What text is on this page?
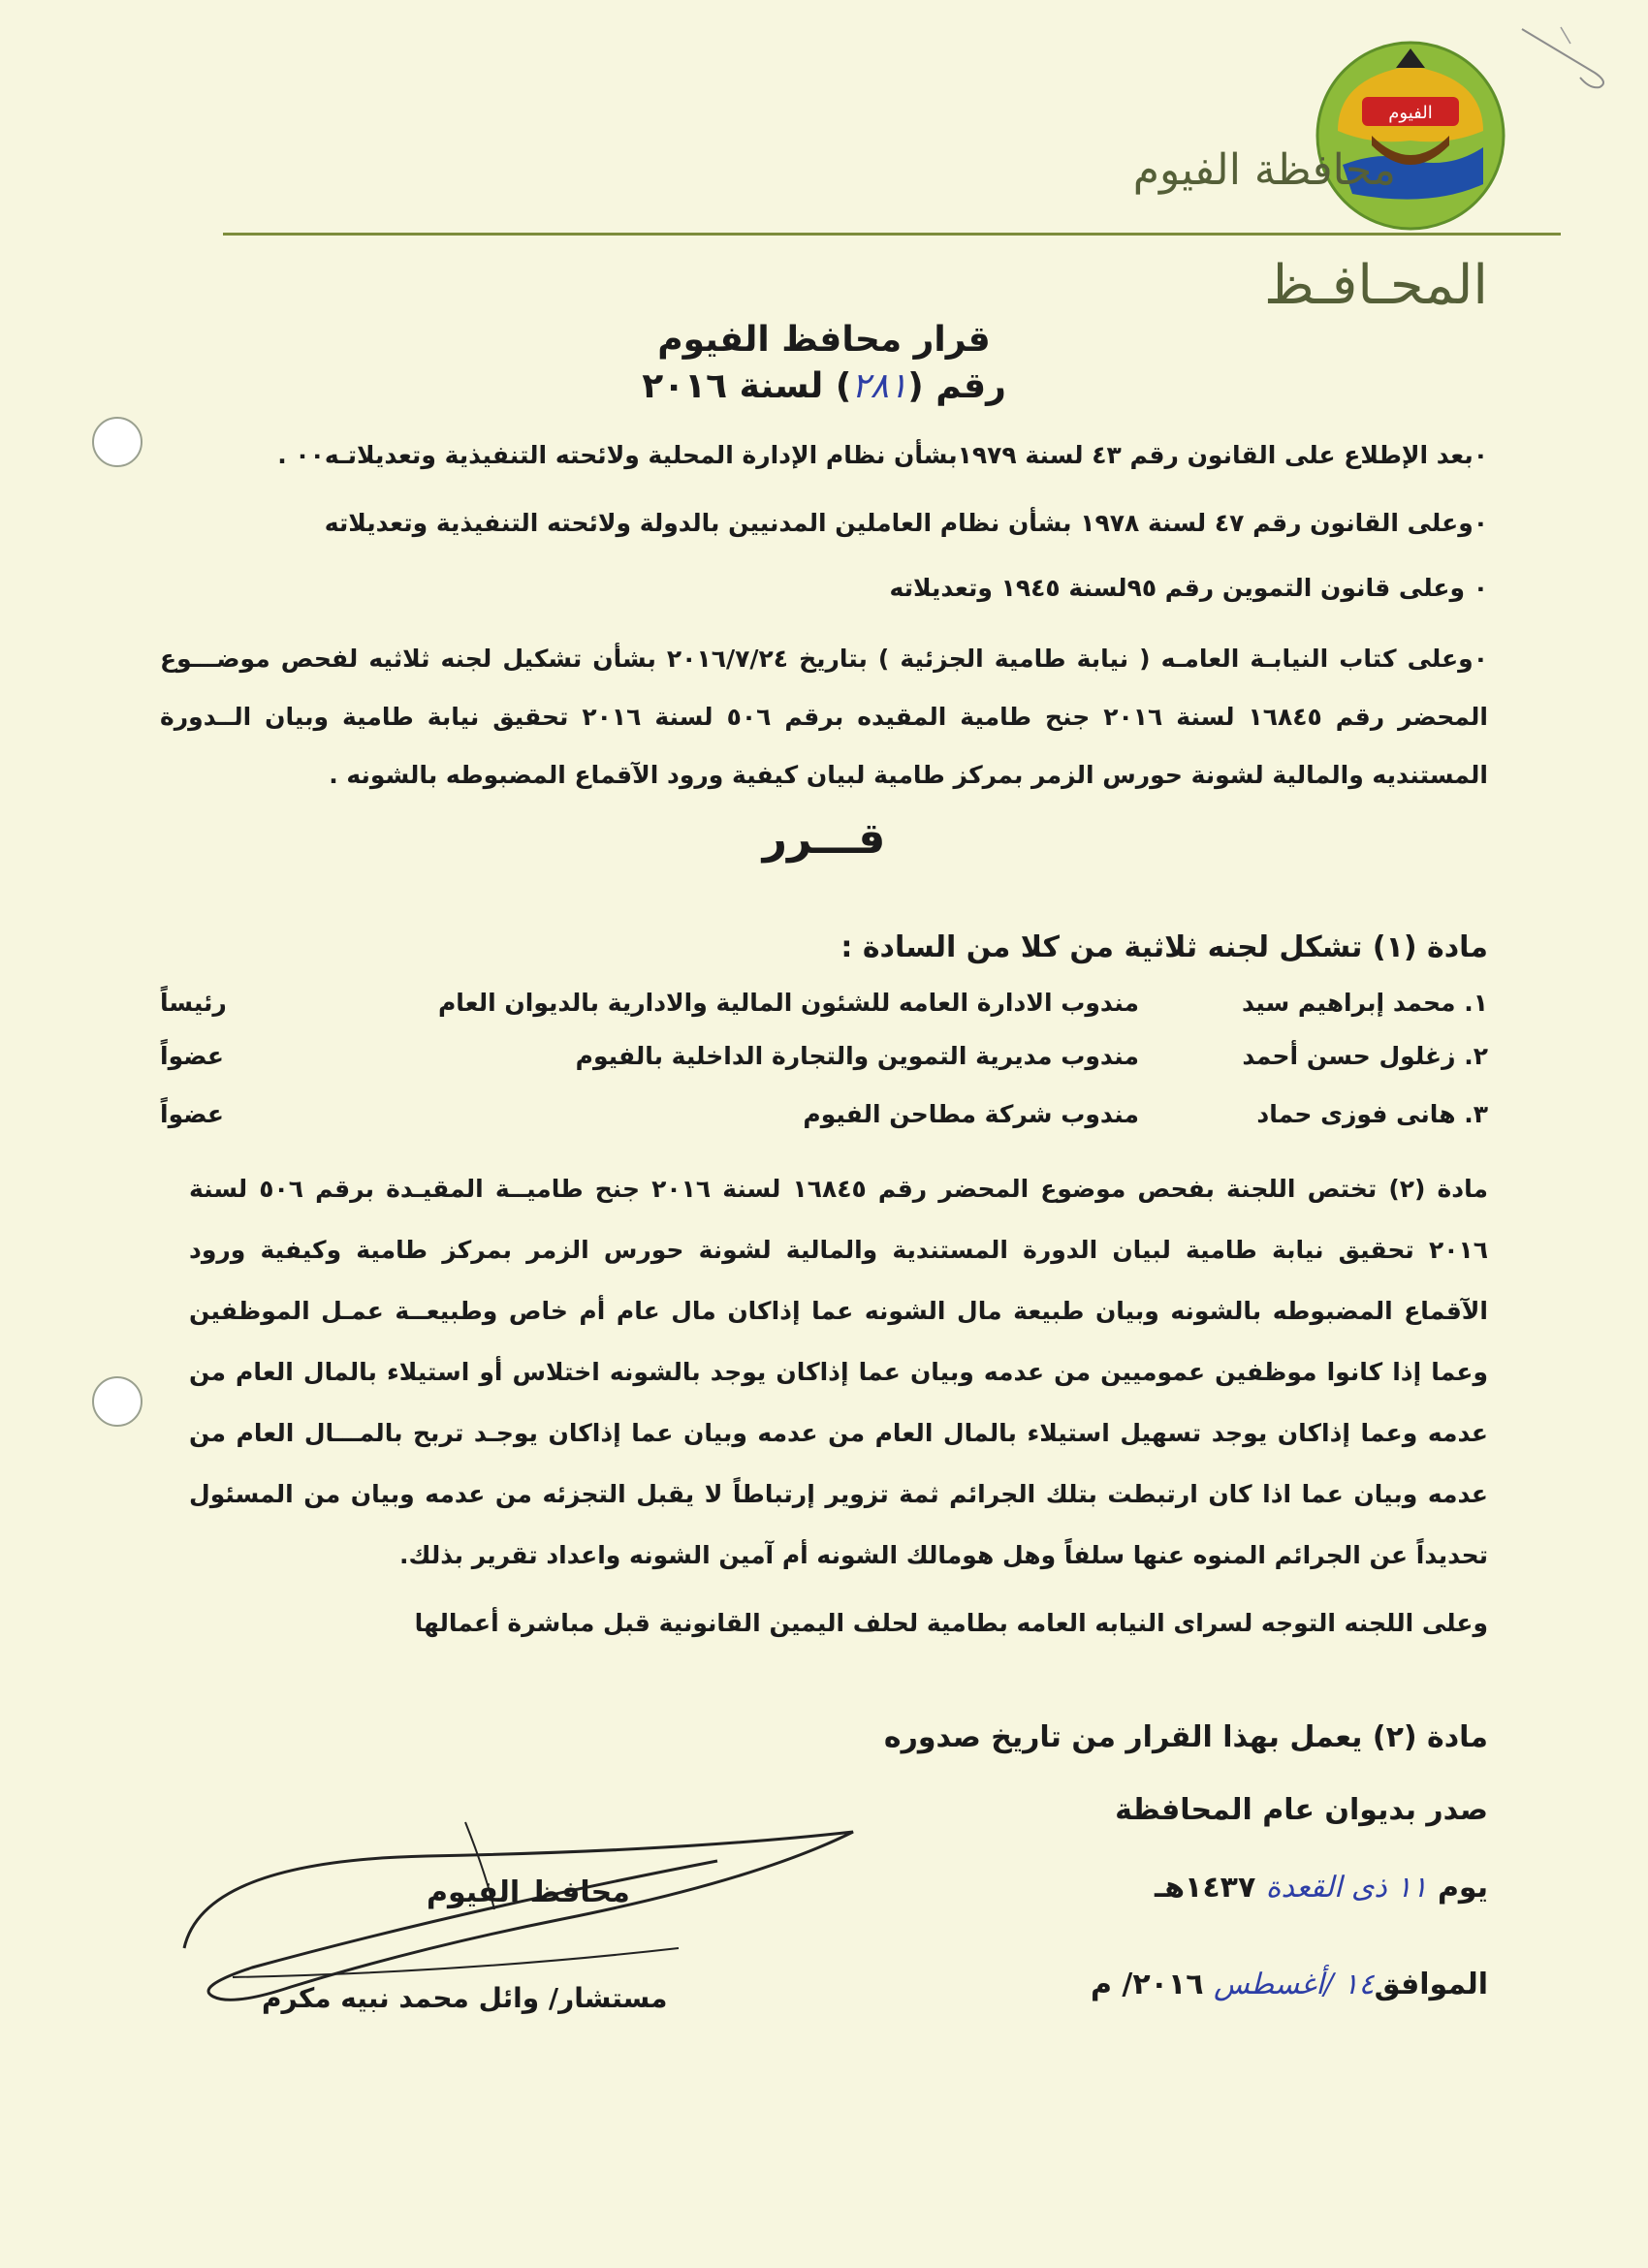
الفيوم
محافظة الفيوم
المحـافـظ
قرار محافظ الفيوم
رقم (٢٨١) لسنة ٢٠١٦
٠بعد الإطلاع على القانون رقم ٤٣ لسنة ١٩٧٩بشأن نظام الإدارة المحلية ولائحته التنفيذية وتعديلاتـه٠٠ .
٠وعلى القانون رقم ٤٧ لسنة ١٩٧٨ بشأن نظام العاملين المدنيين بالدولة ولائحته التنفيذية وتعديلاته
٠ وعلى قانون التموين رقم ٩٥لسنة ١٩٤٥ وتعديلاته
٠وعلى كتاب النيابـة العامـه ( نيابة طامية الجزئية ) بتاريخ ٢٠١٦/٧/٢٤ بشأن تشكيل لجنه ثلاثيه لفحص موضـــوع المحضر رقم ١٦٨٤٥ لسنة ٢٠١٦ جنح طامية المقيده برقم ٥٠٦ لسنة ٢٠١٦ تحقيق نيابة طامية وبيان الــدورة المستنديه والمالية لشونة حورس الزمر بمركز طامية لبيان كيفية ورود الآقماع المضبوطه بالشونه .
قـــرر
مادة (١) تشكل لجنه ثلاثية من كلا من السادة :
١. محمد إبراهيم سيد
مندوب الادارة العامه للشئون المالية والادارية بالديوان العام
رئيساً
٢. زغلول حسن أحمد
مندوب مديرية التموين والتجارة الداخلية بالفيوم
عضواً
٣. هانى فوزى حماد
مندوب شركة مطاحن الفيوم
عضواً
مادة (٢) تختص اللجنة بفحص موضوع المحضر رقم ١٦٨٤٥ لسنة ٢٠١٦ جنح طاميــة المقيـدة برقم ٥٠٦ لسنة ٢٠١٦ تحقيق نيابة طامية لبيان الدورة المستندية والمالية لشونة حورس الزمر بمركز طامية وكيفية ورود الآقماع المضبوطه بالشونه وبيان طبيعة مال الشونه عما إذاكان مال عام أم خاص وطبيعــة عمـل الموظفين وعما إذا كانوا موظفين عموميين من عدمه وبيان عما إذاكان يوجد بالشونه اختلاس أو استيلاء بالمال العام من عدمه وعما إذاكان يوجد تسهيل استيلاء بالمال العام من عدمه وبيان عما إذاكان يوجـد تربح بالمـــال العام من عدمه وبيان عما اذا كان ارتبطت بتلك الجرائم ثمة تزوير إرتباطاً لا يقبل التجزئه من عدمه وبيان من المسئول تحديداً عن الجرائم المنوه عنها سلفاً وهل هومالك الشونه أم آمين الشونه واعداد تقرير بذلك.
وعلى اللجنه التوجه لسراى النيابه العامه بطامية لحلف اليمين القانونية قبل مباشرة أعمالها
مادة (٢) يعمل بهذا القرار من تاريخ صدوره
صدر بديوان عام المحافظة
يوم ١١ ذى القعدة ١٤٣٧هـ
الموافق١٤ /أغسطس ٢٠١٦/ م
محافظ الفيوم
مستشار/ وائل محمد نبيه مكرم
